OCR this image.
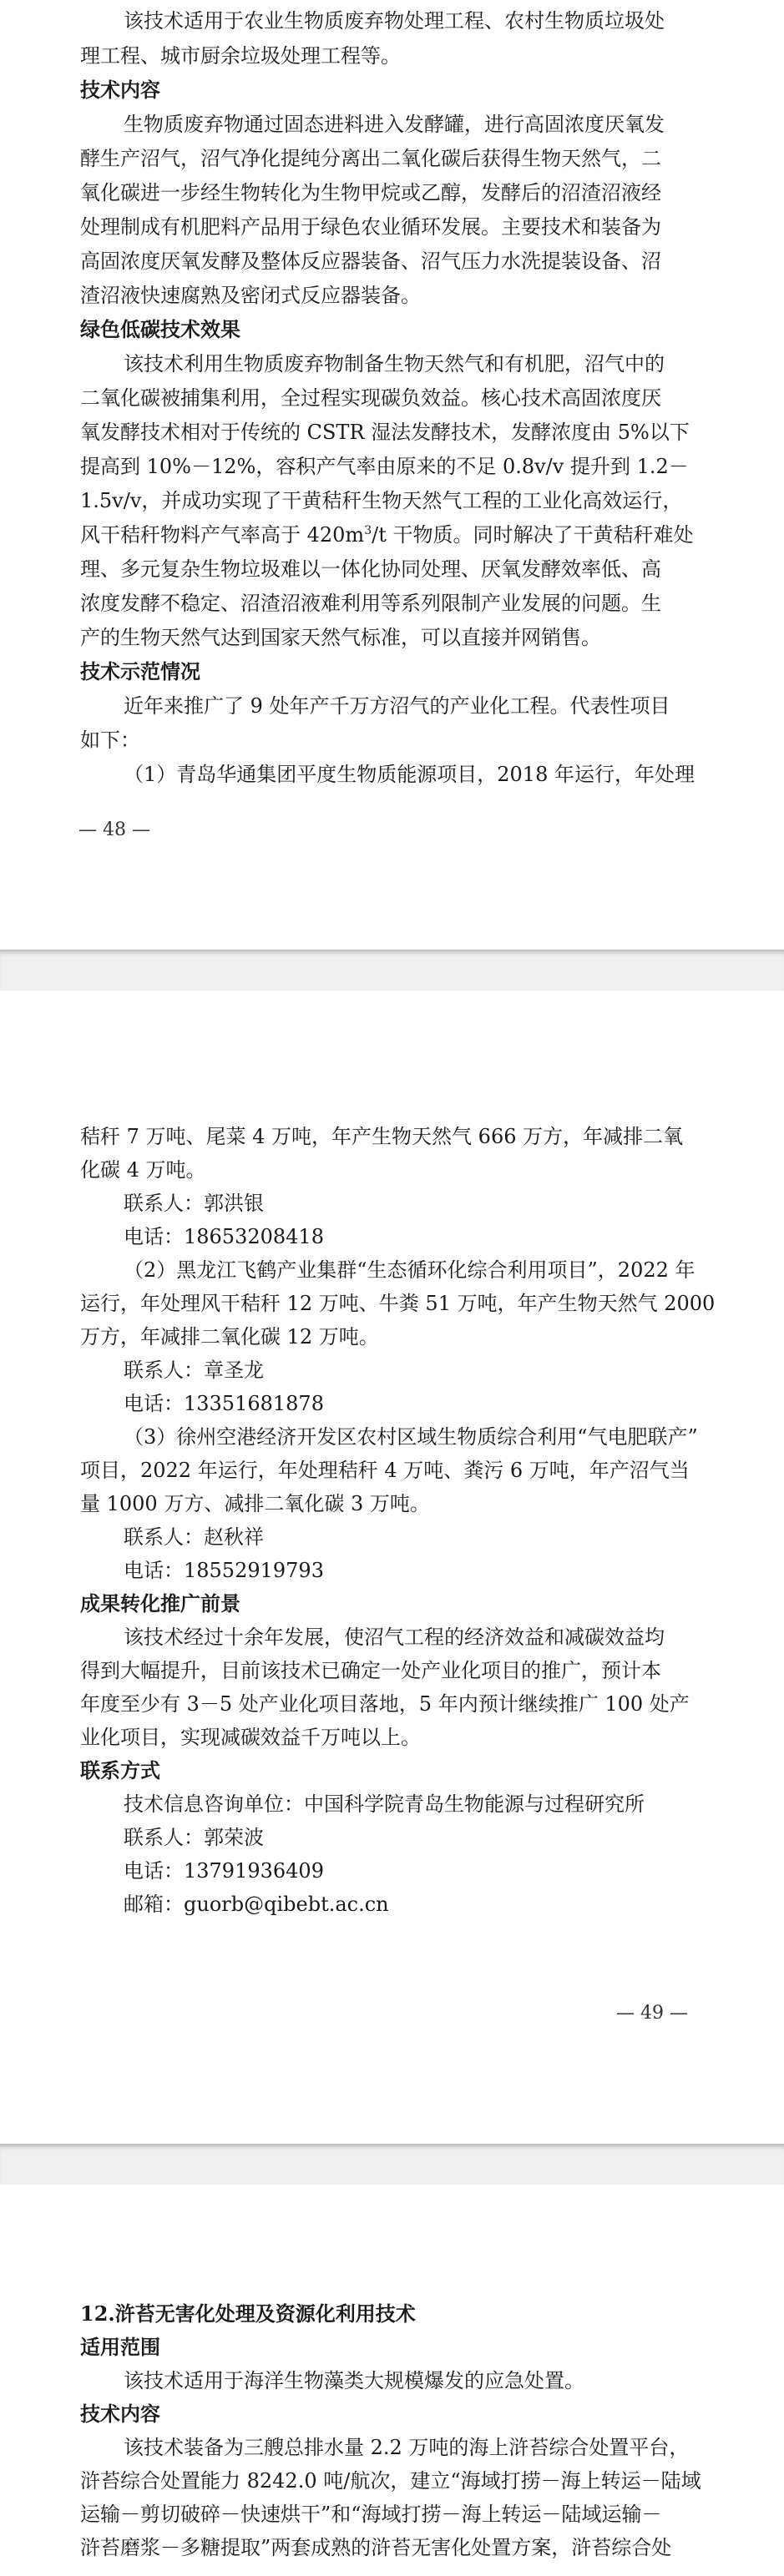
该技术适用于农业生物质废弃物处理工程、农村生物质垃圾处
理工程、城市厨余垃圾处理工程等。
技术内容
生物质废弃物通过固态进料进入发酵罐，进行高固浓度厌氧发
酵生产沼气，沼气净化提纯分离出二氧化碳后获得生物天然气，二
氧化碳进一步经生物转化为生物甲烷或乙醇，发酵后的沼渣沼液经
处理制成有机肥料产品用于绿色农业循环发展。主要技术和装备为
高固浓度厌氧发酵及整体反应器装备、沼气压力水洗提装设备、沼
渣沼液快速腐熟及密闭式反应器装备。
绿色低碳技术效果
该技术利用生物质废弃物制备生物天然气和有机肥，沼气中的
二氧化碳被捕集利用，全过程实现碳负效益。核心技术高固浓度厌
氧发酵技术相对于传统的 CSTR 湿法发酵技术，发酵浓度由 5%以下
提高到 10%－12%，容积产气率由原来的不足 0.8v/v 提升到 1.2－
1.5v/v，并成功实现了干黄秸秆生物天然气工程的工业化高效运行，
风干秸秆物料产气率高于 $420m^3/t$ 干物质。同时解决了干黄秸秆难处
理、多元复杂生物垃圾难以一体化协同处理、厌氧发酵效率低、高
浓度发酵不稳定、沼渣沼液难利用等系列限制产业发展的问题。生
产的生物天然气达到国家天然气标准，可以直接并网销售。
技术示范情况
近年来推广了 9 处年产千万方沼气的产业化工程。代表性项目
如下：
（1）青岛华通集团平度生物质能源项目，2018 年运行，年处理
— 48 —
秸秆 7 万吨、尾菜 4 万吨，年产生物天然气 666 万方，年减排二氧
化碳 4 万吨。
联系人：郭洪银
电话：18653208418
（2）黑龙江飞鹤产业集群“生态循环化综合利用项目”，2022 年
运行，年处理风干秸秆 12 万吨、牛粪 51 万吨，年产生物天然气 2000
万方，年减排二氧化碳 12 万吨。
联系人：章圣龙
电话：13351681878
（3）徐州空港经济开发区农村区域生物质综合利用“气电肥联产”
项目，2022 年运行，年处理秸秆 4 万吨、粪污 6 万吨，年产沼气当
量 1000 万方、减排二氧化碳 3 万吨。
联系人：赵秋祥
电话：18552919793
成果转化推广前景
该技术经过十余年发展，使沼气工程的经济效益和减碳效益均
得到大幅提升，目前该技术已确定一处产业化项目的推广，预计本
年度至少有 3－5 处产业化项目落地，5 年内预计继续推广 100 处产
业化项目，实现减碳效益千万吨以上。
联系方式
技术信息咨询单位：中国科学院青岛生物能源与过程研究所
联系人：郭荣波
电话：13791936409
邮箱：guorb@qibebt.ac.cn
— 49 —
12.浒苔无害化处理及资源化利用技术
适用范围
该技术适用于海洋生物藻类大规模爆发的应急处置。
技术内容
该技术装备为三艘总排水量 2.2 万吨的海上浒苔综合处置平台，
浒苔综合处置能力 8242.0 吨/航次，建立“海域打捞－海上转运－陆域
运输－剪切破碎－快速烘干”和“海域打捞－海上转运－陆域运输－
浒苔磨浆－多糖提取”两套成熟的浒苔无害化处置方案，浒苔综合处
